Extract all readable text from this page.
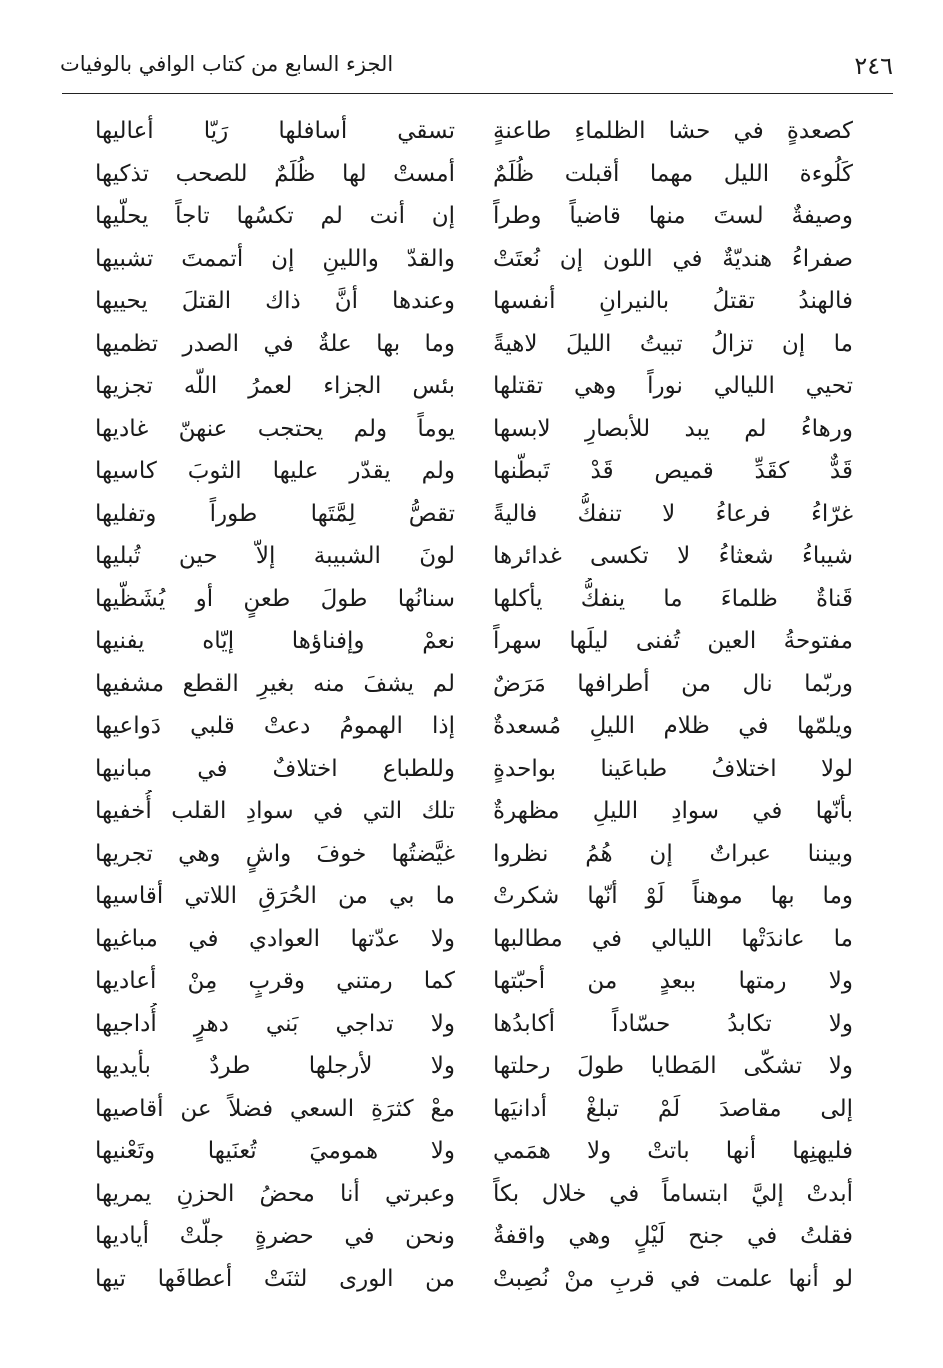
٢٤٦
الجزء السابع من كتاب الوافي بالوفيات
كصعدةٍ في حشا الظلماءِ طاعنةٍ
كَلُوءة الليل مهما أقبلت ظُلَمٌ
وصيفةٌ لستَ منها قاضياً وطراً
صفراءُ هنديّةٌ في اللون إن نُعتَتْ
فالهندُ تقتلُ بالنيرانِ أنفسها
ما إن تزالُ تبيتُ الليلَ لاهيةً
تحيي الليالي نوراً وهي تقتلها
ورهاءُ لم يبد للأبصارِ لابسها
قَدٌّ كقَدِّ قميص قَدْ تَبطّنها
غرّاءُ فرعاءُ لا تنفكُّ فاليةً
شيباءُ شعثاءُ لا تكسى غدائرها
قَناةٌ ظلماءَ ما ينفكُّ يأكلها
مفتوحةُ العين تُفنى ليلَها سهراً
وربّما نال من أطرافها مَرَضٌ
ويلمّها في ظلام الليلِ مُسعدةٌ
لولا اختلافُ طباعَينا بواحدةٍ
بأنّها في سوادِ الليلِ مظهرةٌ
وبيننا عبراتٌ إن هُمُ نظروا
وما بها موهناً لَوْ أنّها شكرتْ
ما عاندَتْها الليالي في مطالبها
ولا رمتها ببعدٍ من أحبّتها
ولا تكابدُ حسّاداً أكابدُها
ولا تشكّى المَطايا طولَ رحلتها
إلى مقاصدَ لَمْ تبلغْ أدانيَها
فليهنِها أنها باتتْ ولا همَمي
أبدتْ إليَّ ابتساماً في خلال بكاً
فقلتُ في جنح لَيْلٍ وهي واقفةٌ
لو أنها علمت في قربِ منْ نُصِبتْ
تسقي أسافلها رَيّا أعاليها
أمستْ لها ظُلَمٌ للصحب تذكيها
إن أنت لم تكسُها تاجاً يحلّيها
والقدّ واللينِ إن أتممتَ تشبيها
وعندها أنَّ ذاك القتلَ يحييها
وما بها علةٌ في الصدر تظميها
بئس الجزاء لعمرُ اللّه تجزيها
يوماً ولم يحتجب عنهنّ غاديها
ولم يقدّر عليها الثوبَ كاسيها
تقصُّ لِمَّتَها طوراً وتفليها
لونَ الشبيبة إلاّ حين تُبليها
سنانُها طولَ طعنٍ أو يُشَظّيها
نعمْ وإفناؤها إيّاه يفنيها
لم يشفَ منه بغيرِ القطع مشفيها
إذا الهمومُ دعتْ قلبي دَواعيها
وللطباع اختلافٌ في مبانيها
تلك التي في سوادِ القلب أُخفيها
غيَّضتُها خوفَ واشٍ وهي تجريها
ما بي من الحُرَقِ اللاتي أقاسيها
ولا عدّتها العوادي في مباغيها
كما رمتني وقربٍ مِنْ أعاديها
ولا تداجي بَني دهرٍ أُداجيها
ولا لأرجلها طردٌ بأيديها
معْ كثرَةِ السعي فضلاً عن أقاصيها
ولا هموميَ تُعنَيها وتَعْنيها
وعبرتي أنا محضُ الحزنِ يمريها
ونحن في حضرةٍ جلّتْ أياديها
من الورى لثنَتْ أعطافَها تيها
